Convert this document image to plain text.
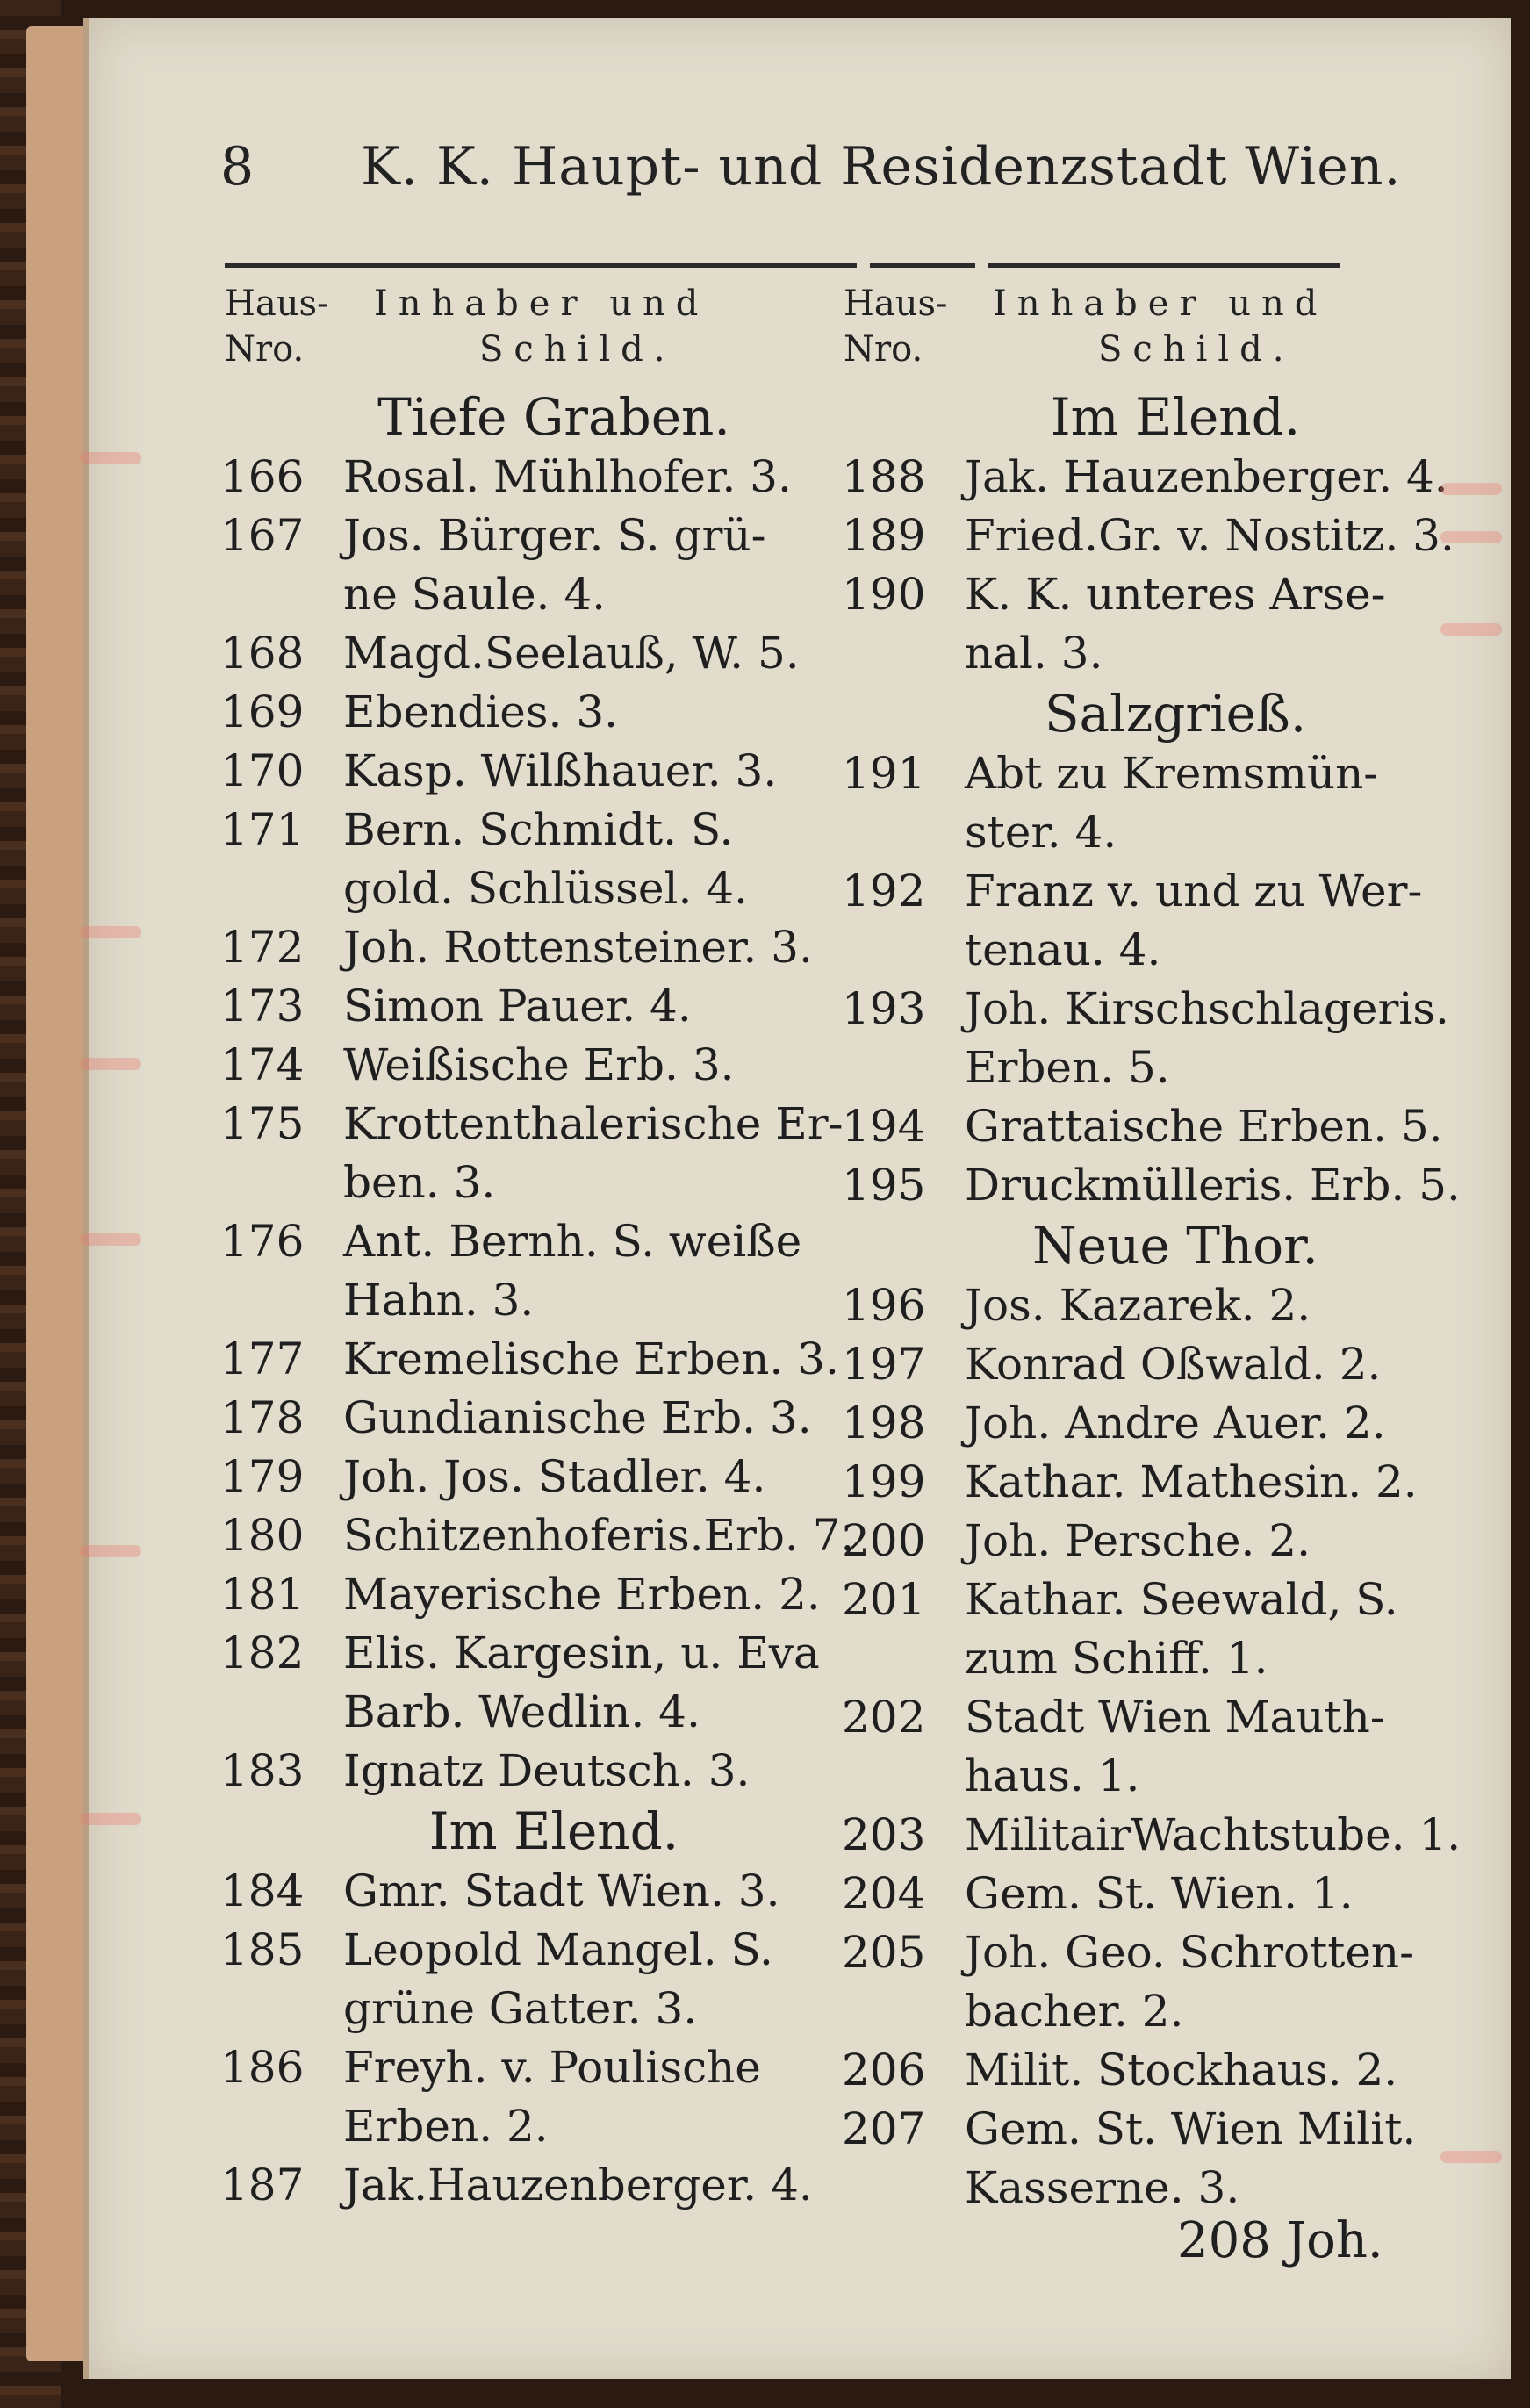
8 K. K. Haupt- und Residenzstadt Wien.
Haus-
Nro.
Inhaber und
Schild.
Haus-
Nro.
Inhaber und
Schild.
Tiefe Graben.
166 Rosal. Mühlhofer. 3.
167 Jos. Bürger. S. grü-
ne Saule. 4.
168 Magd.Seelauß, W. 5.
169 Ebendies. 3.
170 Kasp. Wilßhauer. 3.
171 Bern. Schmidt. S.
gold. Schlüssel. 4.
172 Joh. Rottensteiner. 3.
173 Simon Pauer. 4.
174 Weißische Erb. 3.
175 Krottenthalerische Er-
ben. 3.
176 Ant. Bernh. S. weiße
Hahn. 3.
177 Kremelische Erben. 3.
178 Gundianische Erb. 3.
179 Joh. Jos. Stadler. 4.
180 Schitzenhoferis.Erb. 7.
181 Mayerische Erben. 2.
182 Elis. Kargesin, u. Eva
Barb. Wedlin. 4.
183 Ignatz Deutsch. 3.
Im Elend.
184 Gmr. Stadt Wien. 3.
185 Leopold Mangel. S.
grüne Gatter. 3.
186 Freyh. v. Poulische
Erben. 2.
187 Jak.Hauzenberger. 4.
Im Elend.
188 Jak. Hauzenberger. 4.
189 Fried.Gr. v. Nostitz. 3.
190 K. K. unteres Arse-
nal. 3.
Salzgrieß.
191 Abt zu Kremsmün-
ster. 4.
192 Franz v. und zu Wer-
tenau. 4.
193 Joh. Kirschschlageris.
Erben. 5.
194 Grattaische Erben. 5.
195 Druckmülleris. Erb. 5.
Neue Thor.
196 Jos. Kazarek. 2.
197 Konrad Oßwald. 2.
198 Joh. Andre Auer. 2.
199 Kathar. Mathesin. 2.
200 Joh. Persche. 2.
201 Kathar. Seewald, S.
zum Schiff. 1.
202 Stadt Wien Mauth-
haus. 1.
203 MilitairWachtstube. 1.
204 Gem. St. Wien. 1.
205 Joh. Geo. Schrotten-
bacher. 2.
206 Milit. Stockhaus. 2.
207 Gem. St. Wien Milit.
Kasserne. 3.
208 Joh.
